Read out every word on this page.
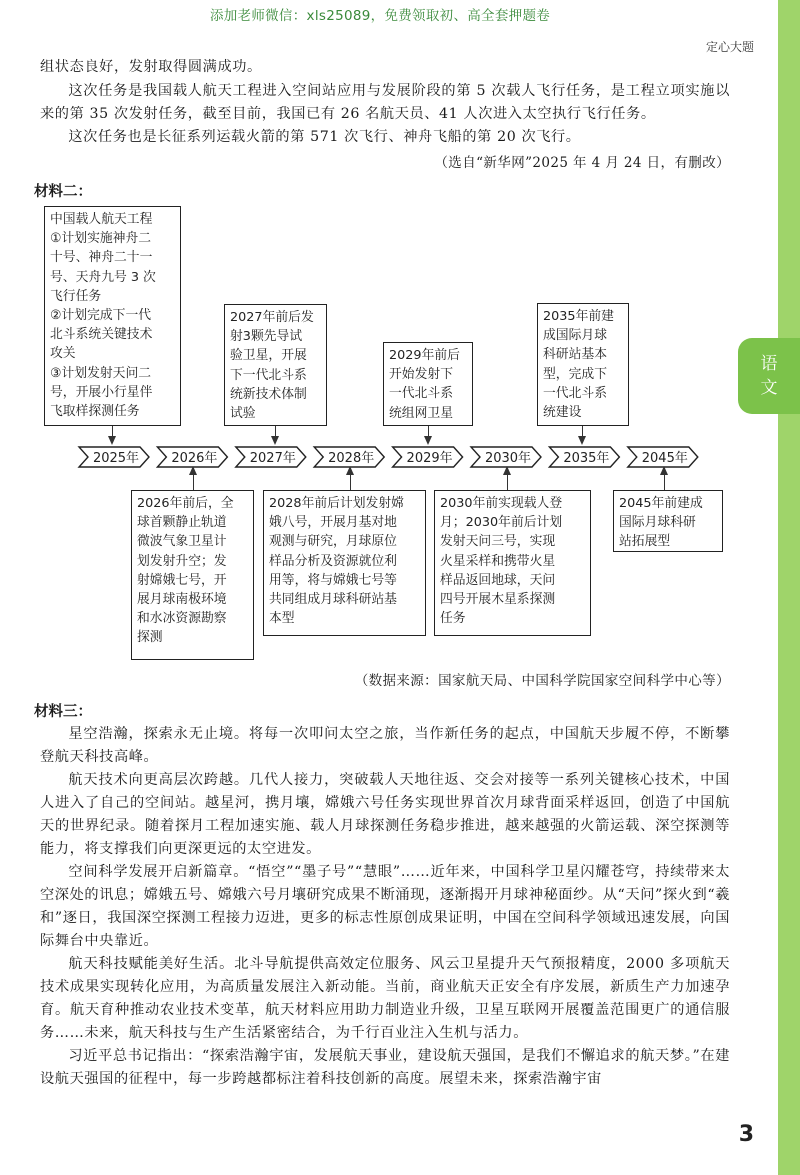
语
文
添加老师微信：xls25089，免费领取初、高全套押题卷
定心大题

组状态良好，发射取得圆满成功。

这次任务是我国载人航天工程进入空间站应用与发展阶段的第 5 次载人飞行任务，是工程立项实施以来的第 35 次发射任务，截至目前，我国已有 26 名航天员、41 人次进入太空执行飞行任务。

这次任务也是长征系列运载火箭的第 571 次飞行、神舟飞船的第 20 次飞行。

（选自“新华网”2025 年 4 月 24 日，有删改）
材料二：
2025年 2026年 2027年 2028年 2029年 2030年 2035年 2045年
中国载人航天工程
①计划实施神舟二
十号、神舟二十一
号、天舟九号 3 次
飞行任务
②计划完成下一代
北斗系统关键技术
攻关
③计划发射天问二
号，开展小行星伴
飞取样探测任务
2027年前后发
射3颗先导试
验卫星，开展
下一代北斗系
统新技术体制
试验
2029年前后
开始发射下
一代北斗系
统组网卫星
2035年前建
成国际月球
科研站基本
型，完成下
一代北斗系
统建设
2026年前后，全
球首颗静止轨道
微波气象卫星计
划发射升空；发
射嫦娥七号，开
展月球南极环境
和水冰资源勘察
探测
2028年前后计划发射嫦
娥八号，开展月基对地
观测与研究，月球原位
样品分析及资源就位利
用等，将与嫦娥七号等
共同组成月球科研站基
本型
2030年前实现载人登
月；2030年前后计划
发射天问三号，实现
火星采样和携带火星
样品返回地球，天问
四号开展木星系探测
任务
2045年前建成
国际月球科研
站拓展型
（数据来源：国家航天局、中国科学院国家空间科学中心等）
材料三：

星空浩瀚，探索永无止境。将每一次叩问太空之旅，当作新任务的起点，中国航天步履不停，不断攀登航天科技高峰。

航天技术向更高层次跨越。几代人接力，突破载人天地往返、交会对接等一系列关键核心技术，中国人进入了自己的空间站。越星河，携月壤，嫦娥六号任务实现世界首次月球背面采样返回，创造了中国航天的世界纪录。随着探月工程加速实施、载人月球探测任务稳步推进，越来越强的火箭运载、深空探测等能力，将支撑我们向更深更远的太空进发。

空间科学发展开启新篇章。“悟空”“墨子号”“慧眼”……近年来，中国科学卫星闪耀苍穹，持续带来太空深处的讯息；嫦娥五号、嫦娥六号月壤研究成果不断涌现，逐渐揭开月球神秘面纱。从“天问”探火到“羲和”逐日，我国深空探测工程接力迈进，更多的标志性原创成果证明，中国在空间科学领域迅速发展，向国际舞台中央靠近。

航天科技赋能美好生活。北斗导航提供高效定位服务、风云卫星提升天气预报精度，2000 多项航天技术成果实现转化应用，为高质量发展注入新动能。当前，商业航天正安全有序发展，新质生产力加速孕育。航天育种推动农业技术变革，航天材料应用助力制造业升级，卫星互联网开展覆盖范围更广的通信服务……未来，航天科技与生产生活紧密结合，为千行百业注入生机与活力。

习近平总书记指出：“探索浩瀚宇宙，发展航天事业，建设航天强国，是我们不懈追求的航天梦。”在建设航天强国的征程中，每一步跨越都标注着科技创新的高度。展望未来，探索浩瀚宇宙

3
